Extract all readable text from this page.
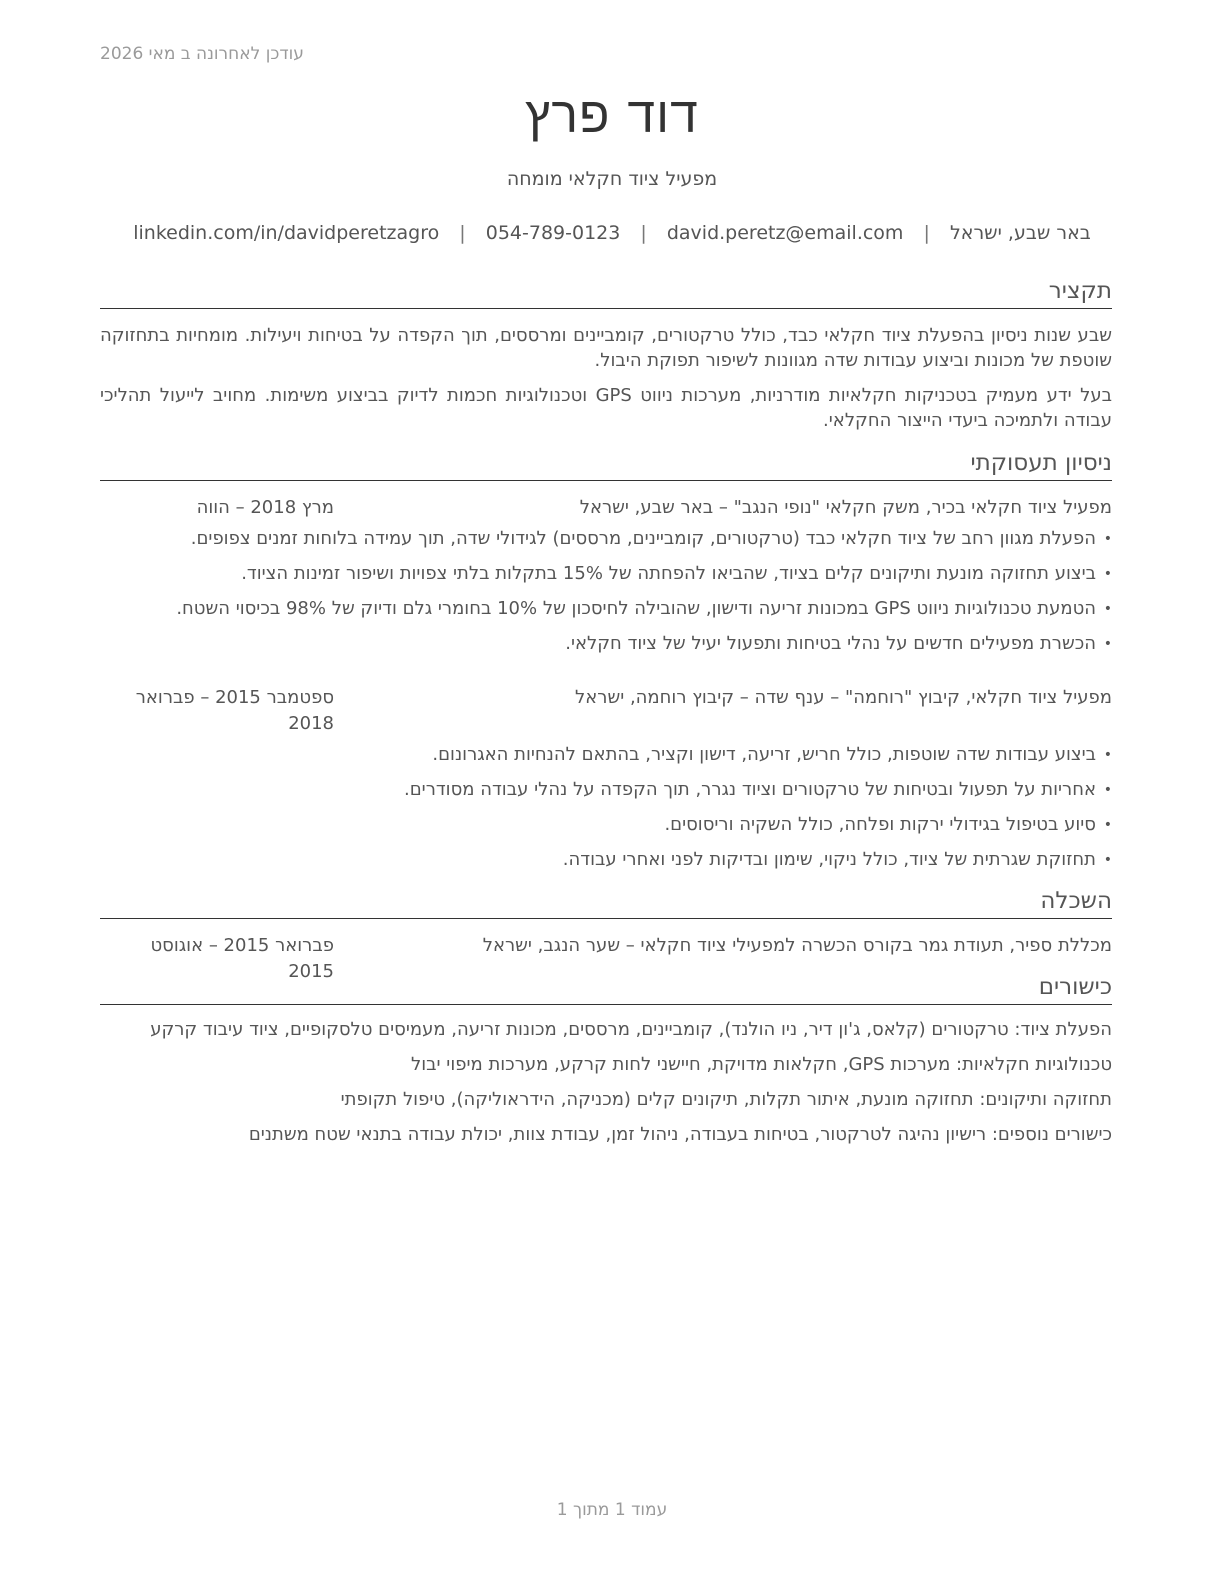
עודכן לאחרונה ב מאי 2026
דוד פרץ
מפעיל ציוד חקלאי מומחה
באר שבע, ישראל | david.peretz@email.com | 054-789-0123 | linkedin.com/in/davidperetzagro
תקציר

שבע שנות ניסיון בהפעלת ציוד חקלאי כבד, כולל טרקטורים, קומביינים ומרססים, תוך הקפדה על בטיחות ויעילות. מומחיות בתחזוקה שוטפת של מכונות וביצוע עבודות שדה מגוונות לשיפור תפוקת היבול.

בעל ידע מעמיק בטכניקות חקלאיות מודרניות, מערכות ניווט GPS וטכנולוגיות חכמות לדיוק בביצוע משימות. מחויב לייעול תהליכי עבודה ולתמיכה ביעדי הייצור החקלאי.

ניסיון תעסוקתי
מפעיל ציוד חקלאי בכיר, משק חקלאי "נופי הנגב" – באר שבע, ישראל
מרץ 2018 – הווה
•
הפעלת מגוון רחב של ציוד חקלאי כבד (טרקטורים, קומביינים, מרססים) לגידולי שדה, תוך עמידה בלוחות זמנים צפופים.
•
ביצוע תחזוקה מונעת ותיקונים קלים בציוד, שהביאו להפחתה של 15% בתקלות בלתי צפויות ושיפור זמינות הציוד.
•
הטמעת טכנולוגיות ניווט GPS במכונות זריעה ודישון, שהובילה לחיסכון של 10% בחומרי גלם ודיוק של 98% בכיסוי השטח.
•
הכשרת מפעילים חדשים על נהלי בטיחות ותפעול יעיל של ציוד חקלאי.
מפעיל ציוד חקלאי, קיבוץ "רוחמה" – ענף שדה – קיבוץ רוחמה, ישראל
ספטמבר 2015 – פברואר 2018
•
ביצוע עבודות שדה שוטפות, כולל חריש, זריעה, דישון וקציר, בהתאם להנחיות האגרונום.
•
אחריות על תפעול ובטיחות של טרקטורים וציוד נגרר, תוך הקפדה על נהלי עבודה מסודרים.
•
סיוע בטיפול בגידולי ירקות ופלחה, כולל השקיה וריסוסים.
•
תחזוקת שגרתית של ציוד, כולל ניקוי, שימון ובדיקות לפני ואחרי עבודה.
השכלה
מכללת ספיר, תעודת גמר בקורס הכשרה למפעילי ציוד חקלאי – שער הנגב, ישראל
פברואר 2015 – אוגוסט 2015
כישורים
הפעלת ציוד: טרקטורים (קלאס, ג'ון דיר, ניו הולנד), קומביינים, מרססים, מכונות זריעה, מעמיסים טלסקופיים, ציוד עיבוד קרקע
טכנולוגיות חקלאיות: מערכות GPS, חקלאות מדויקת, חיישני לחות קרקע, מערכות מיפוי יבול
תחזוקה ותיקונים: תחזוקה מונעת, איתור תקלות, תיקונים קלים (מכניקה, הידראוליקה), טיפול תקופתי
כישורים נוספים: רישיון נהיגה לטרקטור, בטיחות בעבודה, ניהול זמן, עבודת צוות, יכולת עבודה בתנאי שטח משתנים
עמוד 1 מתוך 1
